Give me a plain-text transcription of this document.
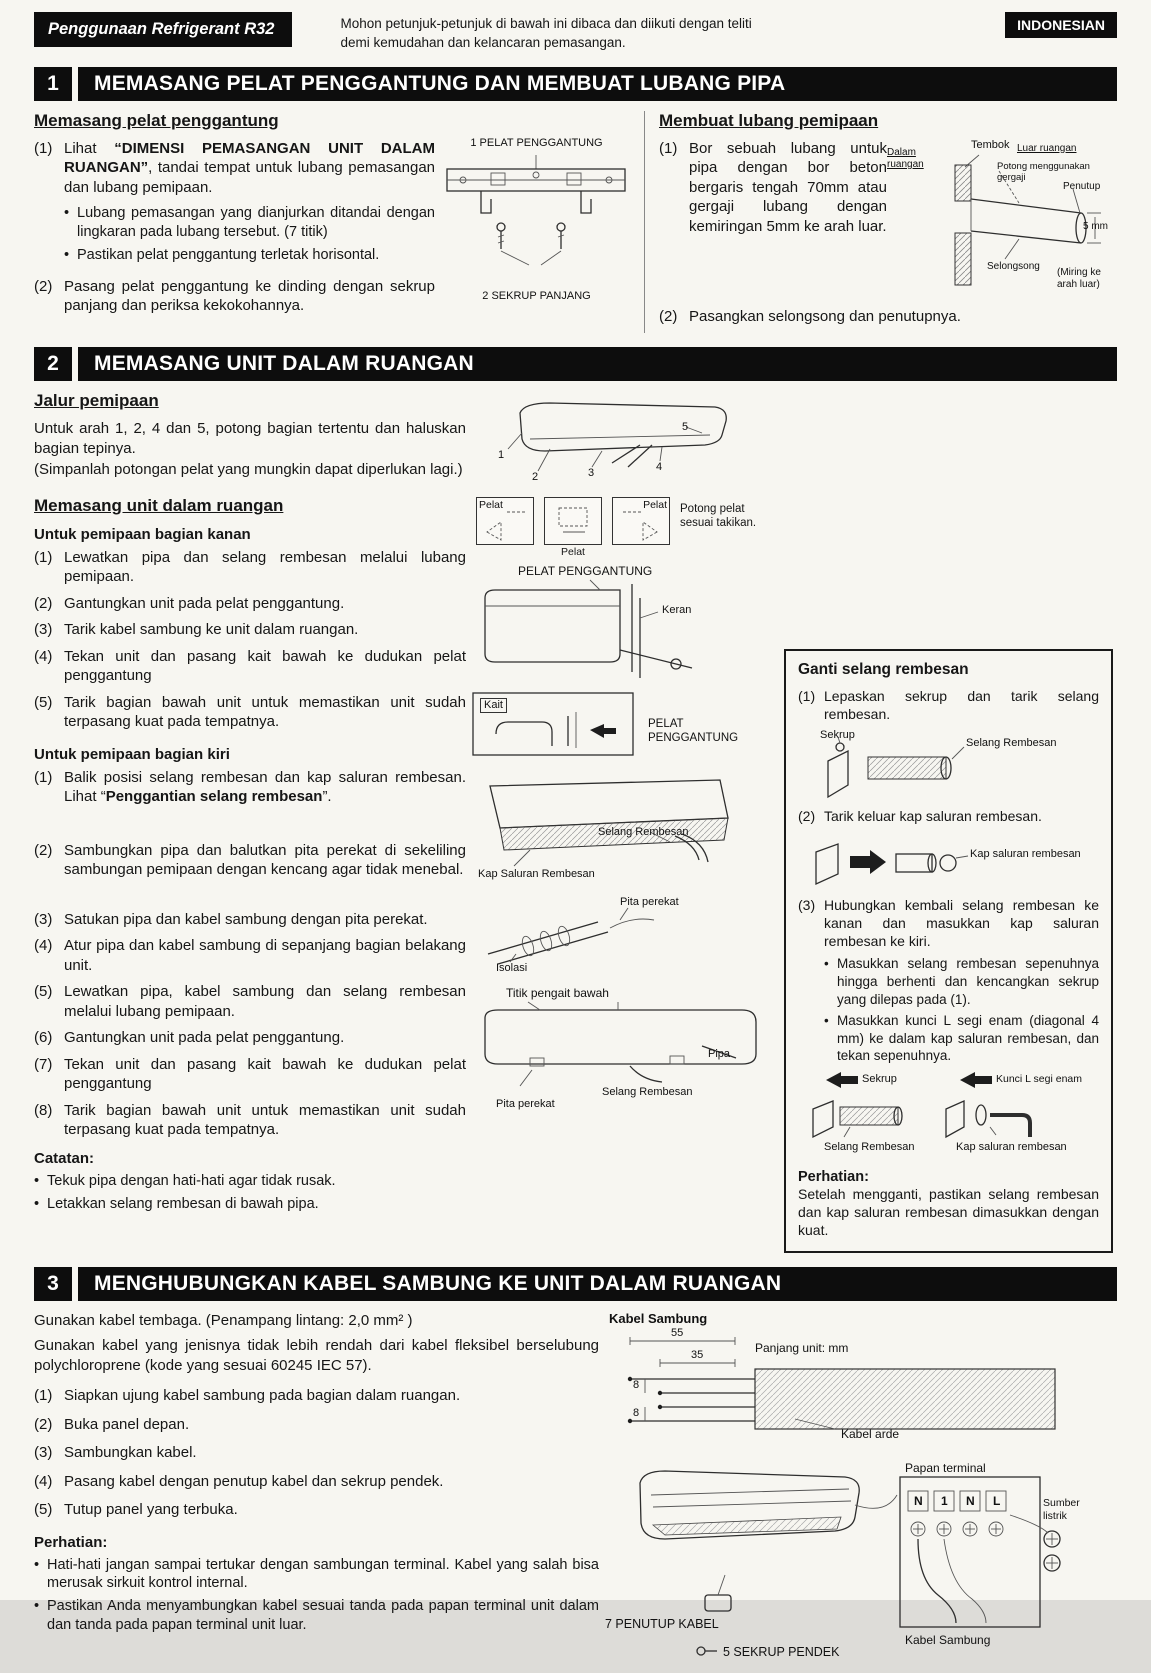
Penggunaan Refrigerant R32	Mohon petunjuk-petunjuk di bawah ini dibaca dan diikuti dengan teliti demi kemudahan dan kelancaran pemasangan.
INDONESIAN
1	MEMASANG PELAT PENGGANTUNG DAN MEMBUAT LUBANG PIPA
Memasang pelat penggantung
(1) Lihat “DIMENSI PEMASANGAN UNIT DALAM RUANGAN”, tandai tempat untuk lubang pemasangan dan lubang pemipaan.
• Lubang pemasangan yang dianjurkan ditandai dengan lingkaran pada lubang tersebut. (7 titik)
• Pastikan pelat penggantung terletak horisontal.
(2) Pasang pelat penggantung ke dinding dengan sekrup panjang dan periksa kekokohannya.
1 PELAT PENGGANTUNG
2 SEKRUP PANJANG
Membuat lubang pemipaan
(1) Bor sebuah lubang untuk pipa dengan bor beton bergaris tengah 70mm atau gergaji lubang dengan kemiringan 5mm ke arah luar.
Tembok
Dalam ruangan
Luar ruangan
Potong menggunakan gergaji
Penutup
5 mm
Selongsong
(Miring ke arah luar)
(2) Pasangkan selongsong dan penutupnya.
2	MEMASANG UNIT DALAM RUANGAN
Jalur pemipaan
Untuk arah 1, 2, 4 dan 5, potong bagian tertentu dan haluskan bagian tepinya.
(Simpanlah potongan pelat yang mungkin dapat diperlukan lagi.)
Memasang unit dalam ruangan
Untuk pemipaan bagian kanan
(1) Lewatkan pipa dan selang rembesan melalui lubang pemipaan.
(2) Gantungkan unit pada pelat penggantung.
(3) Tarik kabel sambung ke unit dalam ruangan.
(4) Tekan unit dan pasang kait bawah ke dudukan pelat penggantung
(5) Tarik bagian bawah unit untuk memastikan unit sudah terpasang kuat pada tempatnya.
Untuk pemipaan bagian kiri
(1) Balik posisi selang rembesan dan kap saluran rembesan. Lihat “Penggantian selang rembesan”.
(2) Sambungkan pipa dan balutkan pita perekat di sekeliling sambungan pemipaan dengan kencang agar tidak menebal.
(3) Satukan pipa dan kabel sambung dengan pita perekat.
(4) Atur pipa dan kabel sambung di sepanjang bagian belakang unit.
(5) Lewatkan pipa, kabel sambung dan selang rembesan melalui lubang pemipaan.
(6) Gantungkan unit pada pelat penggantung.
(7) Tekan unit dan pasang kait bawah ke dudukan pelat penggantung
(8) Tarik bagian bawah unit untuk memastikan unit sudah terpasang kuat pada tempatnya.
Catatan:
• Tekuk pipa dengan hati-hati agar tidak rusak.
• Letakkan selang rembesan di bawah pipa.
1
2	3	4
5
Pelat
Pelat
Pelat Potong pelat sesuai takikan.
PELAT PENGGANTUNG
Keran
Kait
PELAT PENGGANTUNG
Selang Rembesan
Kap Saluran Rembesan
Pita perekat
Isolasi
Titik pengait bawah
Pipa
Selang Rembesan
Pita perekat
Ganti selang rembesan
(1) Lepaskan sekrup dan tarik selang rembesan.
Sekrup
Selang Rembesan
(2) Tarik keluar kap saluran rembesan.
Kap saluran rembesan
(3) Hubungkan kembali selang rembesan ke kanan dan masukkan kap saluran rembesan ke kiri.
• Masukkan selang rembesan sepenuhnya hingga berhenti dan kencangkan sekrup yang dilepas pada (1).
• Masukkan kunci L segi enam (diagonal 4 mm) ke dalam kap saluran rembesan, dan tekan sepenuhnya.
Sekrup	Kunci L segi enam
Selang Rembesan	Kap saluran rembesan
Perhatian:
Setelah mengganti, pastikan selang rembesan dan kap saluran rembesan dimasukkan dengan kuat.
3	MENGHUBUNGKAN KABEL SAMBUNG KE UNIT DALAM RUANGAN
Gunakan kabel tembaga. (Penampang lintang: 2,0 mm² )
Gunakan kabel yang jenisnya tidak lebih rendah dari kabel fleksibel berselubung polychloroprene (kode yang sesuai 60245 IEC 57).
(1) Siapkan ujung kabel sambung pada bagian dalam ruangan.
(2) Buka panel depan.
(3) Sambungkan kabel.
(4) Pasang kabel dengan penutup kabel dan sekrup pendek.
(5) Tutup panel yang terbuka.
Perhatian:
• Hati-hati jangan sampai tertukar dengan sambungan terminal. Kabel yang salah bisa merusak sirkuit kontrol internal.
• Pastikan Anda menyambungkan kabel sesuai tanda pada papan terminal unit dalam dan tanda pada papan terminal unit luar.
Kabel Sambung
55
35
8
8
Panjang unit: mm
Kabel arde
Papan terminal
N 1 N L	Sumber listrik
Kabel Sambung
7 PENUTUP KABEL
5 SEKRUP PENDEK
